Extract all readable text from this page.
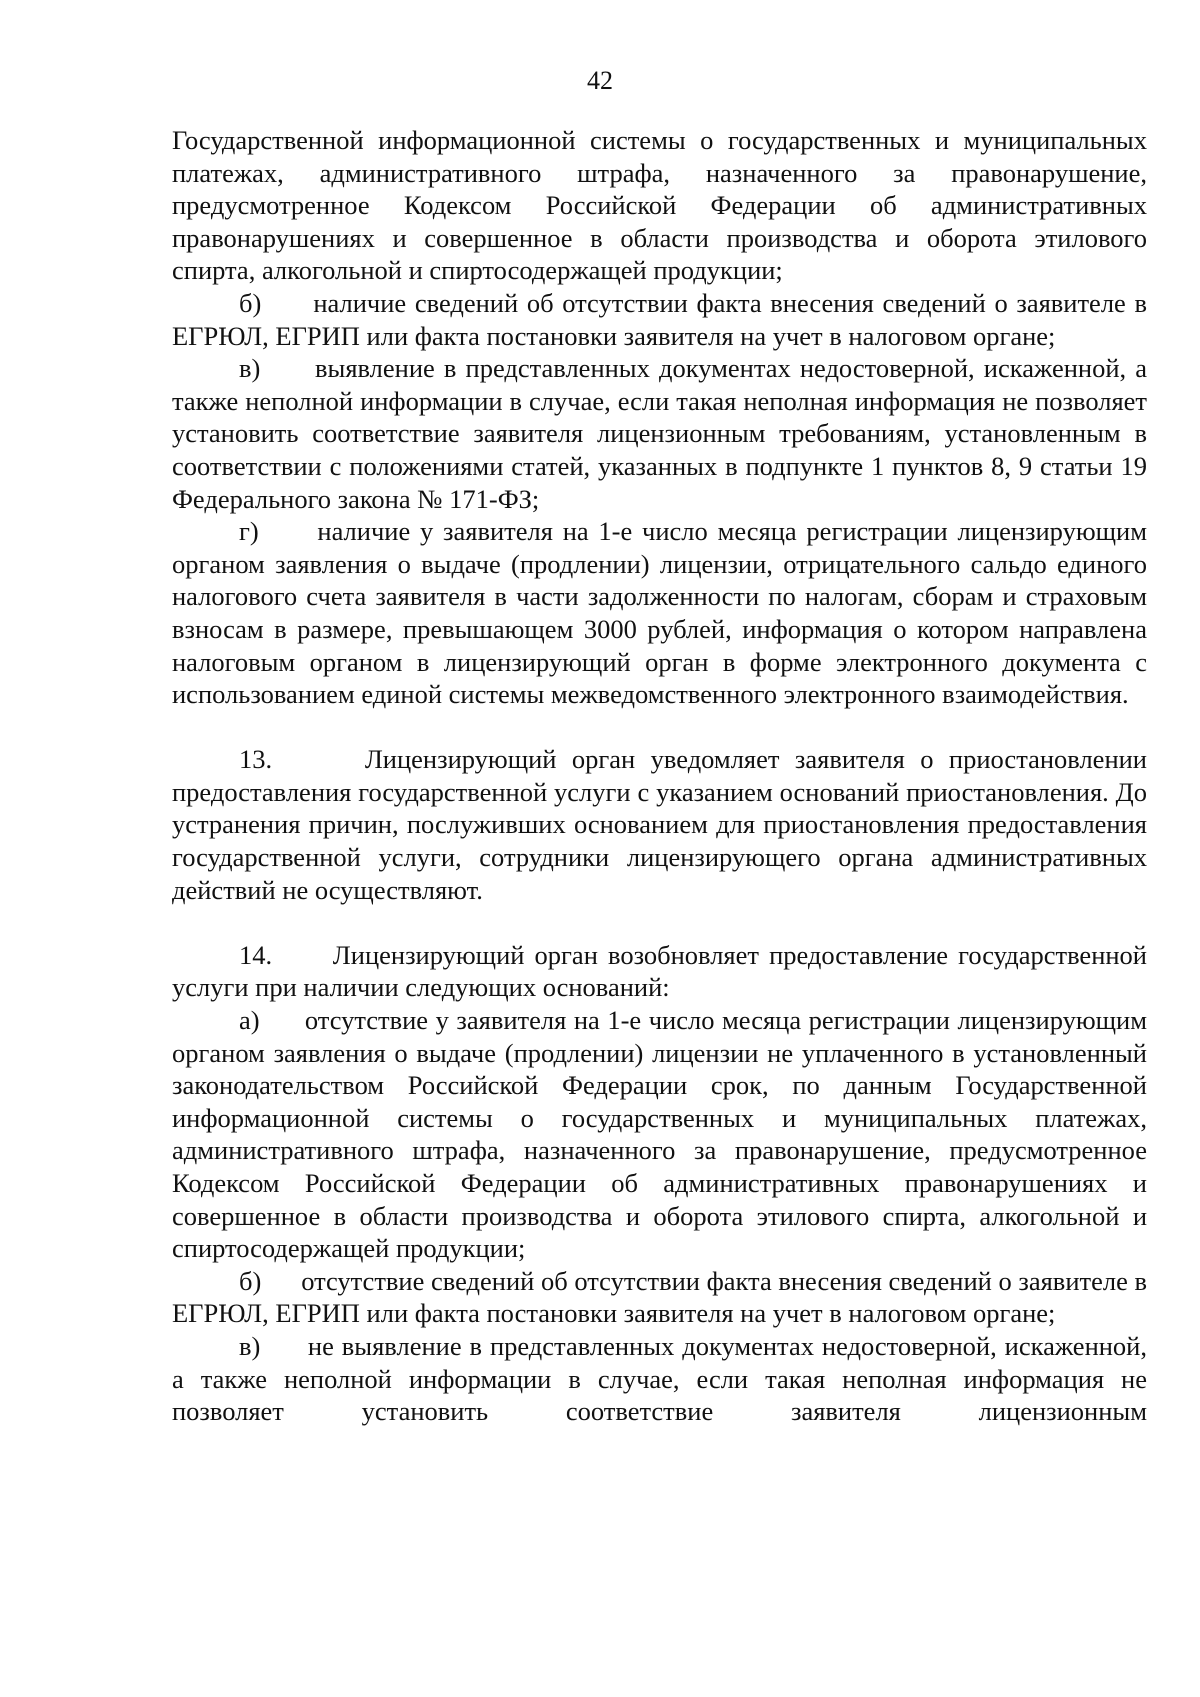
42

Государственной информационной системы о государственных и муниципальных платежах, административного штрафа, назначенного за правонарушение, предусмотренное Кодексом Российской Федерации об административных правонарушениях и совершенное в области производства и оборота этилового спирта, алкогольной и спиртосодержащей продукции;

б)      наличие сведений об отсутствии факта внесения сведений о заявителе в ЕГРЮЛ, ЕГРИП или факта постановки заявителя на учет в налоговом органе;

в)      выявление в представленных документах недостоверной, искаженной, а также неполной информации в случае, если такая неполная информация не позволяет установить соответствие заявителя лицензионным требованиям, установленным в соответствии с положениями статей, указанных в подпункте 1 пунктов 8, 9 статьи 19 Федерального закона № 171-ФЗ;

г)      наличие у заявителя на 1-е число месяца регистрации лицензирующим органом заявления о выдаче (продлении) лицензии, отрицательного сальдо единого налогового счета заявителя в части задолженности по налогам, сборам и страховым взносам в размере, превышающем 3000 рублей, информация о котором направлена налоговым органом в лицензирующий орган в форме электронного документа с использованием единой системы межведомственного электронного взаимодействия.

13.      Лицензирующий орган уведомляет заявителя о приостановлении предоставления государственной услуги с указанием оснований приостановления. До устранения причин, послуживших основанием для приостановления предоставления государственной услуги, сотрудники лицензирующего органа административных действий не осуществляют.

14.      Лицензирующий орган возобновляет предоставление государственной услуги при наличии следующих оснований:

а)      отсутствие у заявителя на 1-е число месяца регистрации лицензирующим органом заявления о выдаче (продлении) лицензии не уплаченного в установленный законодательством Российской Федерации срок, по данным Государственной информационной системы о государственных и муниципальных платежах, административного штрафа, назначенного за правонарушение, предусмотренное Кодексом Российской Федерации об административных правонарушениях и совершенное в области производства и оборота этилового спирта, алкогольной и спиртосодержащей продукции;

б)      отсутствие сведений об отсутствии факта внесения сведений о заявителе в ЕГРЮЛ, ЕГРИП или факта постановки заявителя на учет в налоговом органе;

в)      не выявление в представленных документах недостоверной, искаженной, а также неполной информации в случае, если такая неполная информация не позволяет установить соответствие заявителя лицензионным
